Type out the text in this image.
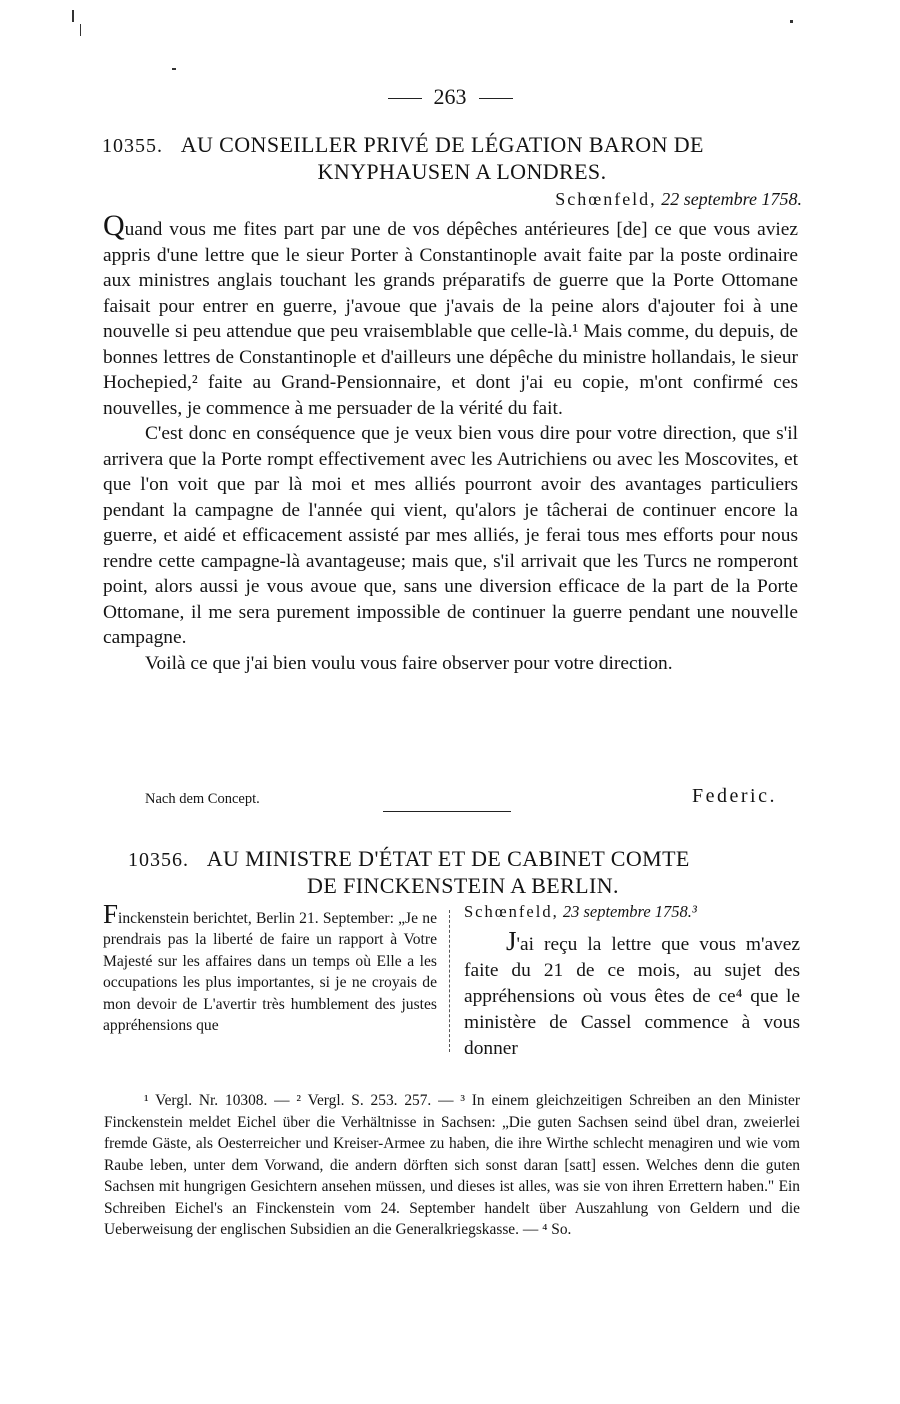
263
10355. AU CONSEILLER PRIVÉ DE LÉGATION BARON DE
KNYPHAUSEN A LONDRES.
Schœnfeld, 22 septembre 1758.

Quand vous me fites part par une de vos dépêches antérieures [de] ce que vous aviez appris d'une lettre que le sieur Porter à Constantinople avait faite par la poste ordinaire aux ministres anglais touchant les grands préparatifs de guerre que la Porte Ottomane faisait pour entrer en guerre, j'avoue que j'avais de la peine alors d'ajouter foi à une nouvelle si peu attendue que peu vraisemblable que celle-là.¹ Mais comme, du depuis, de bonnes lettres de Constantinople et d'ailleurs une dépêche du ministre hollandais, le sieur Hochepied,² faite au Grand-Pensionnaire, et dont j'ai eu copie, m'ont confirmé ces nouvelles, je commence à me persuader de la vérité du fait.

C'est donc en conséquence que je veux bien vous dire pour votre direction, que s'il arrivera que la Porte rompt effectivement avec les Autrichiens ou avec les Moscovites, et que l'on voit que par là moi et mes alliés pourront avoir des avantages particuliers pendant la campagne de l'année qui vient, qu'alors je tâcherai de continuer encore la guerre, et aidé et efficacement assisté par mes alliés, je ferai tous mes efforts pour nous rendre cette campagne-là avantageuse; mais que, s'il arrivait que les Turcs ne romperont point, alors aussi je vous avoue que, sans une diversion efficace de la part de la Porte Ottomane, il me sera purement impossible de continuer la guerre pendant une nouvelle campagne.

Voilà ce que j'ai bien voulu vous faire observer pour votre direction.

Nach dem Concept.	Federic.
10356. AU MINISTRE D'ÉTAT ET DE CABINET COMTE
DE FINCKENSTEIN A BERLIN.
Finckenstein berichtet, Berlin 21. September: „Je ne prendrais pas la liberté de faire un rapport à Votre Majesté sur les affaires dans un temps où Elle a les occupations les plus importantes, si je ne croyais de mon devoir de L'avertir très humblement des justes appréhensions que
Schœnfeld, 23 septembre 1758.³
J'ai reçu la lettre que vous m'avez faite du 21 de ce mois, au sujet des appréhensions où vous êtes de ce⁴ que le ministère de Cassel commence à vous donner

¹ Vergl. Nr. 10308. — ² Vergl. S. 253. 257. — ³ In einem gleichzeitigen Schreiben an den Minister Finckenstein meldet Eichel über die Verhältnisse in Sachsen: „Die guten Sachsen seind übel dran, zweierlei fremde Gäste, als Oesterreicher und Kreiser-Armee zu haben, die ihre Wirthe schlecht menagiren und wie vom Raube leben, unter dem Vorwand, die andern dörften sich sonst daran [satt] essen. Welches denn die guten Sachsen mit hungrigen Gesichtern ansehen müssen, und dieses ist alles, was sie von ihren Errettern haben." Ein Schreiben Eichel's an Finckenstein vom 24. September handelt über Auszahlung von Geldern und die Ueberweisung der englischen Subsidien an die Generalkriegskasse. — ⁴ So.
